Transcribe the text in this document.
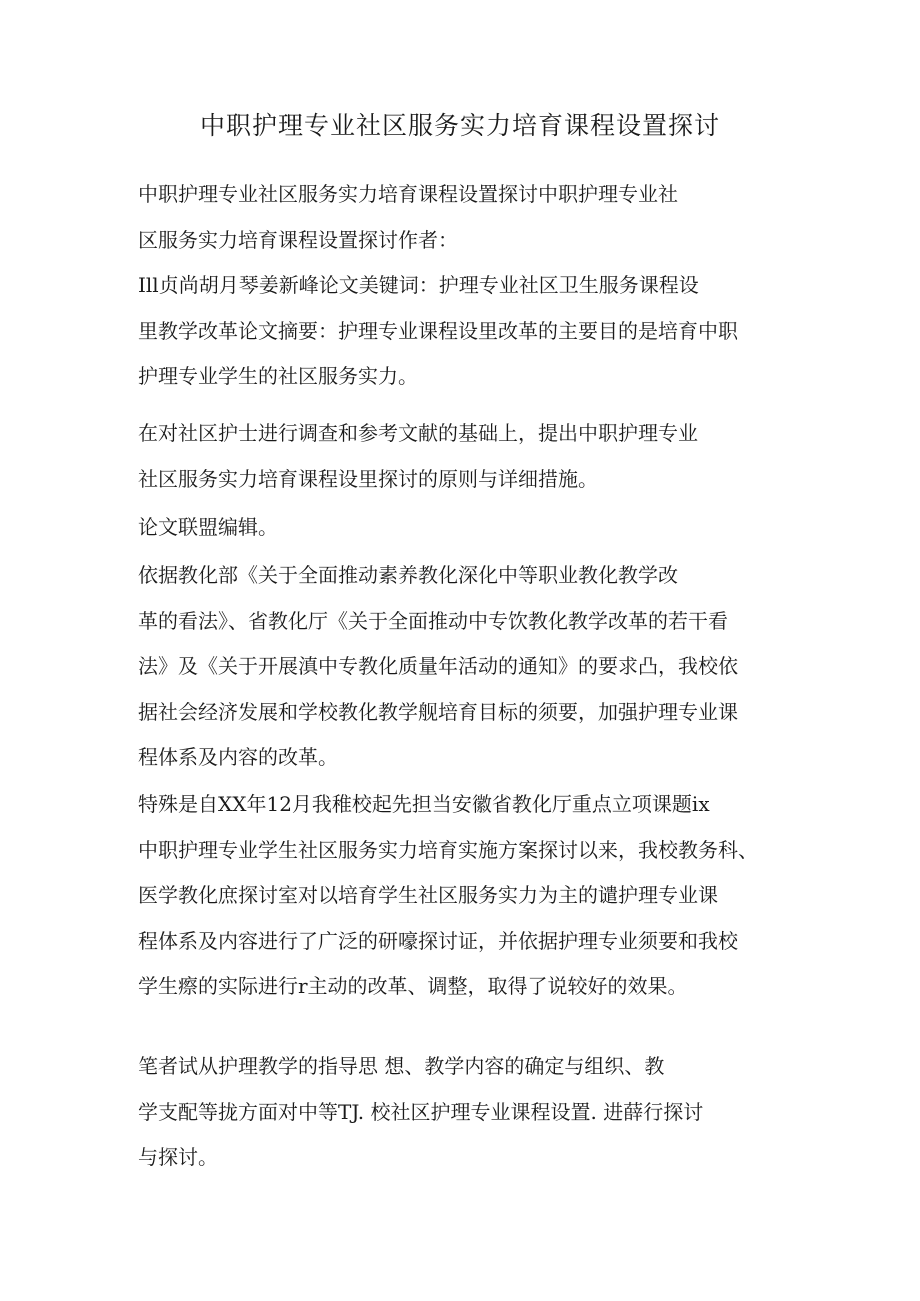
中职护理专业社区服务实力培育课程设置探讨
中职护理专业社区服务实力培育课程设置探讨中职护理专业社
区服务实力培育课程设置探讨作者：
Ill贞尚胡月琴姜新峰论文美键词：护理专业社区卫生服务课程设
里教学改革论文摘要：护理专业课程设里改革的主要目的是培育中职
护理专业学生的社区服务实力。
在对社区护士进行调查和参考文献的基础上，提出中职护理专业
社区服务实力培育课程设里探讨的原则与详细措施。
论文联盟编辑。
依据教化部《关于全面推动素养教化深化中等职业教化教学改
革的看法》、省教化厅《关于全面推动中专饮教化教学改革的若干看
法》及《关于开展滇中专教化质量年活动的通知》的要求凸，我校依
据社会经济发展和学校教化教学舰培育目标的须要，加强护理专业课
程体系及内容的改革。
特殊是自XX年12月我稚校起先担当安徽省教化厅重点立项课题ix
中职护理专业学生社区服务实力培育实施方案探讨以来，我校教务科、
医学教化庶探讨室对以培育学生社区服务实力为主的谴护理专业课
程体系及内容进行了广泛的研嚎探讨证，并依据护理专业须要和我校
学生瘵的实际进行r主动的改革、调整，取得了说较好的效果。
笔者试从护理教学的指导思 想、教学内容的确定与组织、教
学支配等拢方面对中等TJ. 校社区护理专业课程设置. 进薛行探讨
与探讨。
